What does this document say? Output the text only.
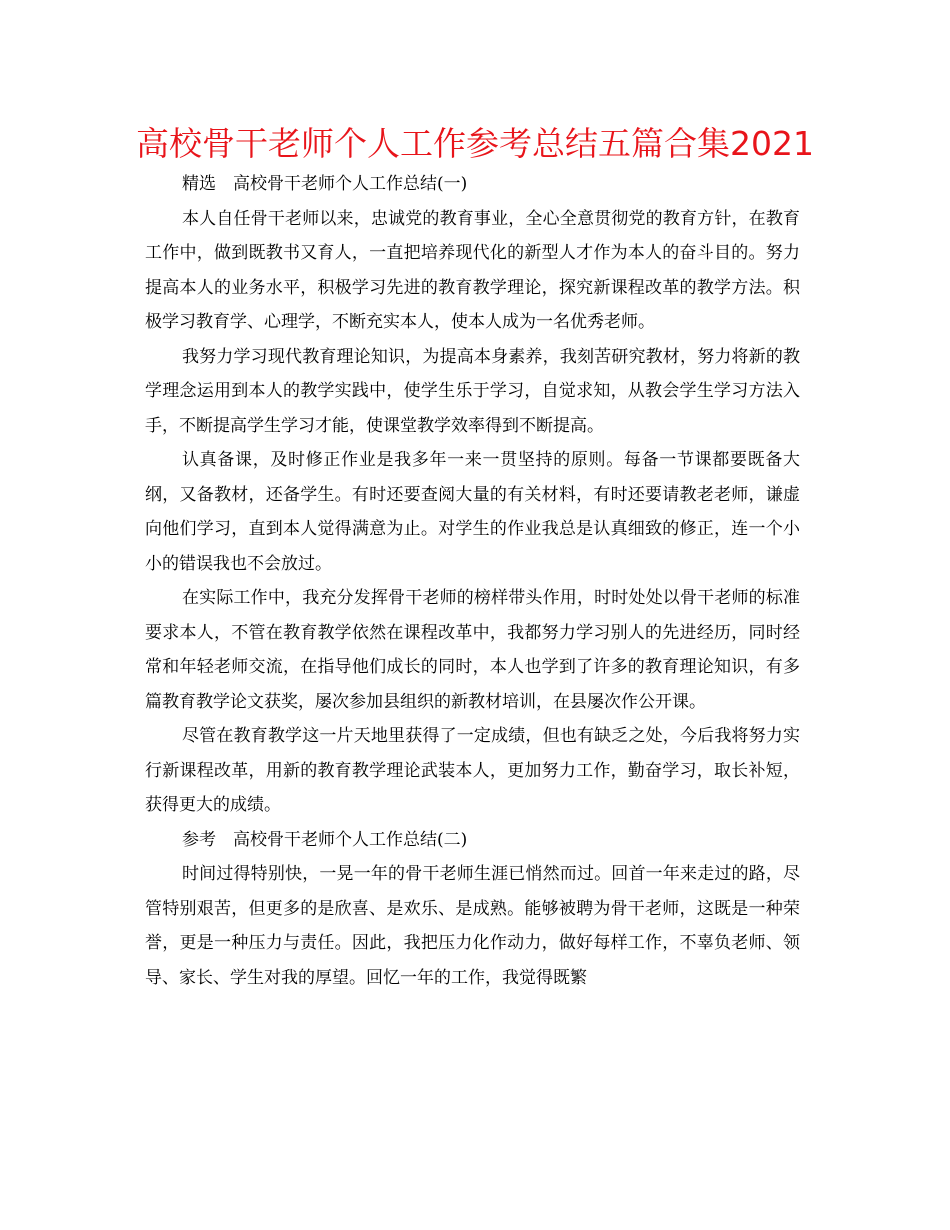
高校骨干老师个人工作参考总结五篇合集2021

精选　高校骨干老师个人工作总结(一)

本人自任骨干老师以来，忠诚党的教育事业，全心全意贯彻党的教育方针，在教育工作中，做到既教书又育人，一直把培养现代化的新型人才作为本人的奋斗目的。努力提高本人的业务水平，积极学习先进的教育教学理论，探究新课程改革的教学方法。积极学习教育学、心理学，不断充实本人，使本人成为一名优秀老师。

我努力学习现代教育理论知识，为提高本身素养，我刻苦研究教材，努力将新的教学理念运用到本人的教学实践中，使学生乐于学习，自觉求知，从教会学生学习方法入手，不断提高学生学习才能，使课堂教学效率得到不断提高。

认真备课，及时修正作业是我多年一来一贯坚持的原则。每备一节课都要既备大纲，又备教材，还备学生。有时还要查阅大量的有关材料，有时还要请教老老师，谦虚向他们学习，直到本人觉得满意为止。对学生的作业我总是认真细致的修正，连一个小小的错误我也不会放过。

在实际工作中，我充分发挥骨干老师的榜样带头作用，时时处处以骨干老师的标准要求本人，不管在教育教学依然在课程改革中，我都努力学习别人的先进经历，同时经常和年轻老师交流，在指导他们成长的同时，本人也学到了许多的教育理论知识，有多篇教育教学论文获奖，屡次参加县组织的新教材培训，在县屡次作公开课。

尽管在教育教学这一片天地里获得了一定成绩，但也有缺乏之处，今后我将努力实行新课程改革，用新的教育教学理论武装本人，更加努力工作，勤奋学习，取长补短，获得更大的成绩。

参考　高校骨干老师个人工作总结(二)

时间过得特别快，一晃一年的骨干老师生涯已悄然而过。回首一年来走过的路，尽管特别艰苦，但更多的是欣喜、是欢乐、是成熟。能够被聘为骨干老师，这既是一种荣誉，更是一种压力与责任。因此，我把压力化作动力，做好每样工作，不辜负老师、领导、家长、学生对我的厚望。回忆一年的工作，我觉得既繁
